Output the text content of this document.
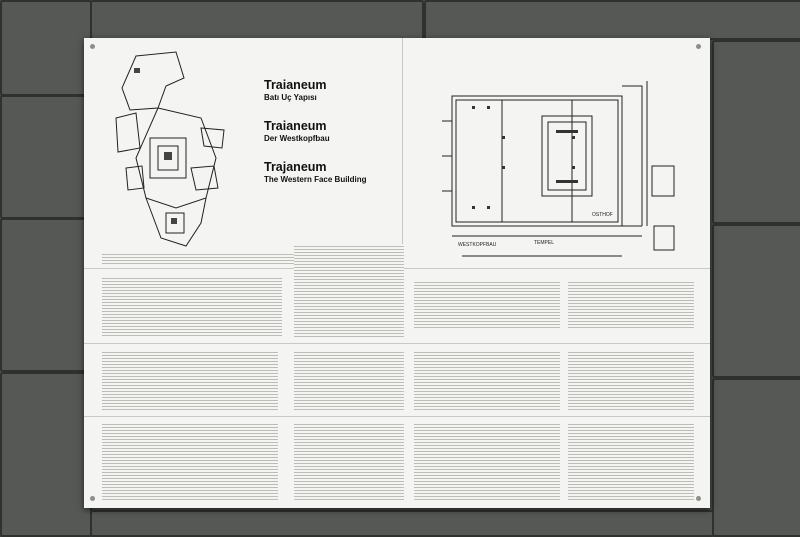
Traianeum
Batı Uç Yapısı
Traianeum
Der Westkopfbau
Trajaneum
The Western Face Building
WESTKOPFBAU	TEMPEL
OSTHOF
